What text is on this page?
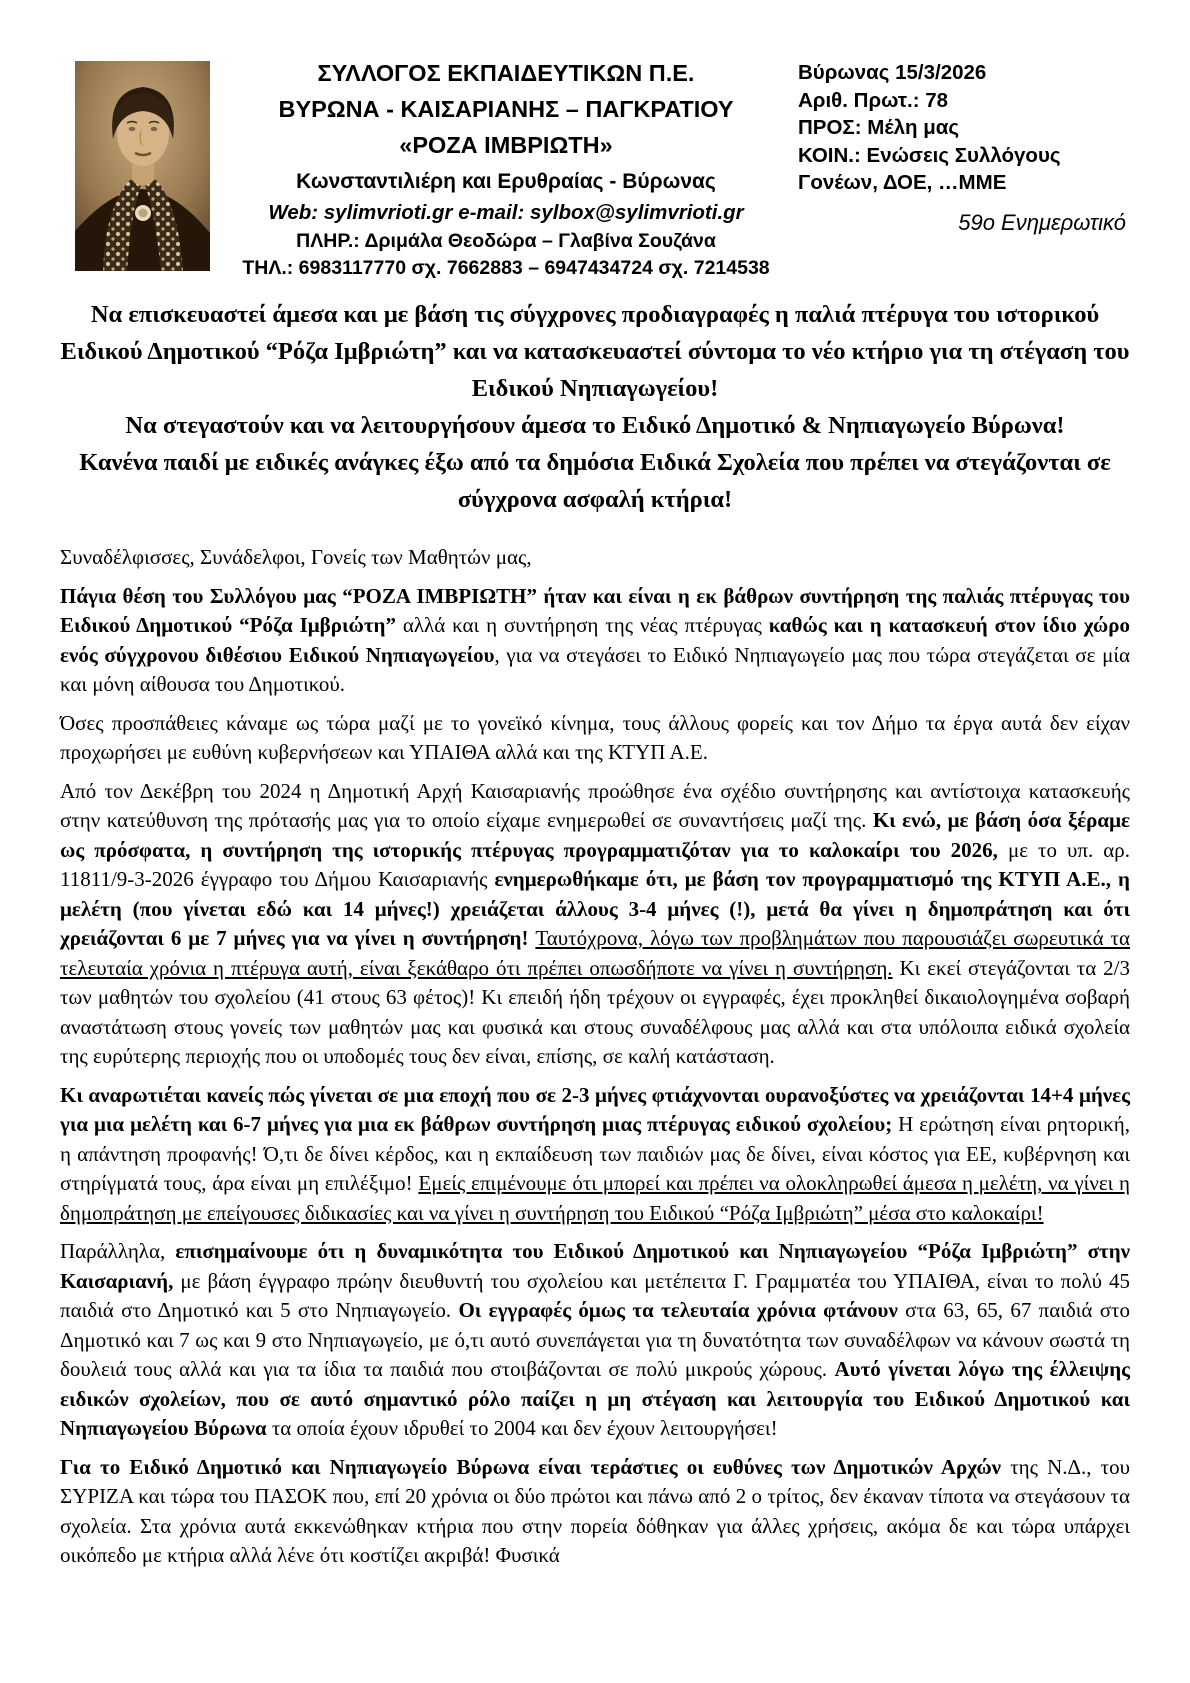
ΣΥΛΛΟΓΟΣ ΕΚΠΑΙΔΕΥΤΙΚΩΝ Π.Ε.
ΒΥΡΩΝΑ - ΚΑΙΣΑΡΙΑΝΗΣ – ΠΑΓΚΡΑΤΙΟΥ
«ΡΟΖΑ ΙΜΒΡΙΩΤΗ»
Κωνσταντιλιέρη και Ερυθραίας - Βύρωνας
Web: sylimvrioti.gr e-mail: sylbox@sylimvrioti.gr
ΠΛΗΡ.: Δριμάλα Θεοδώρα – Γλαβίνα Σουζάνα
ΤΗΛ.: 6983117770 σχ. 7662883 – 6947434724 σχ. 7214538
Βύρωνας 15/3/2026
Αριθ. Πρωτ.: 78
ΠΡΟΣ: Μέλη μας
ΚΟΙΝ.: Ενώσεις Συλλόγους
Γονέων, ΔΟΕ, …ΜΜΕ
59ο Ενημερωτικό

Να επισκευαστεί άμεσα και με βάση τις σύγχρονες προδιαγραφές η παλιά πτέρυγα του ιστορικού Ειδικού Δημοτικού “Ρόζα Ιμβριώτη” και να κατασκευαστεί σύντομα το νέο κτήριο για τη στέγαση του Ειδικού Νηπιαγωγείου!

Να στεγαστούν και να λειτουργήσουν άμεσα το Ειδικό Δημοτικό & Νηπιαγωγείο Βύρωνα!

Κανένα παιδί με ειδικές ανάγκες έξω από τα δημόσια Ειδικά Σχολεία που πρέπει να στεγάζονται σε σύγχρονα ασφαλή κτήρια!

Συναδέλφισσες, Συνάδελφοι, Γονείς των Μαθητών μας,

Πάγια θέση του Συλλόγου μας “ΡΟΖΑ ΙΜΒΡΙΩΤΗ” ήταν και είναι η εκ βάθρων συντήρηση της παλιάς πτέρυγας του Ειδικού Δημοτικού “Ρόζα Ιμβριώτη” αλλά και η συντήρηση της νέας πτέρυγας καθώς και η κατασκευή στον ίδιο χώρο ενός σύγχρονου διθέσιου Ειδικού Νηπιαγωγείου, για να στεγάσει το Ειδικό Νηπιαγωγείο μας που τώρα στεγάζεται σε μία και μόνη αίθουσα του Δημοτικού.

Όσες προσπάθειες κάναμε ως τώρα μαζί με το γονεϊκό κίνημα, τους άλλους φορείς και τον Δήμο τα έργα αυτά δεν είχαν προχωρήσει με ευθύνη κυβερνήσεων και ΥΠΑΙΘΑ αλλά και της ΚΤΥΠ Α.Ε.

Από τον Δεκέβρη του 2024 η Δημοτική Αρχή Καισαριανής προώθησε ένα σχέδιο συντήρησης και αντίστοιχα κατασκευής στην κατεύθυνση της πρότασής μας για το οποίο είχαμε ενημερωθεί σε συναντήσεις μαζί της. Κι ενώ, με βάση όσα ξέραμε ως πρόσφατα, η συντήρηση της ιστορικής πτέρυγας προγραμματιζόταν για το καλοκαίρι του 2026, με το υπ. αρ. 11811/9-3-2026 έγγραφο του Δήμου Καισαριανής ενημερωθήκαμε ότι, με βάση τον προγραμματισμό της ΚΤΥΠ Α.Ε., η μελέτη (που γίνεται εδώ και 14 μήνες!) χρειάζεται άλλους 3-4 μήνες (!), μετά θα γίνει η δημοπράτηση και ότι χρειάζονται 6 με 7 μήνες για να γίνει η συντήρηση! Ταυτόχρονα, λόγω των προβλημάτων που παρουσιάζει σωρευτικά τα τελευταία χρόνια η πτέρυγα αυτή, είναι ξεκάθαρο ότι πρέπει οπωσδήποτε να γίνει η συντήρηση. Κι εκεί στεγάζονται τα 2/3 των μαθητών του σχολείου (41 στους 63 φέτος)! Κι επειδή ήδη τρέχουν οι εγγραφές, έχει προκληθεί δικαιολογημένα σοβαρή αναστάτωση στους γονείς των μαθητών μας και φυσικά και στους συναδέλφους μας αλλά και στα υπόλοιπα ειδικά σχολεία της ευρύτερης περιοχής που οι υποδομές τους δεν είναι, επίσης, σε καλή κατάσταση.

Κι αναρωτιέται κανείς πώς γίνεται σε μια εποχή που σε 2-3 μήνες φτιάχνονται ουρανοξύστες να χρειάζονται 14+4 μήνες για μια μελέτη και 6-7 μήνες για μια εκ βάθρων συντήρηση μιας πτέρυγας ειδικού σχολείου; Η ερώτηση είναι ρητορική, η απάντηση προφανής! Ό,τι δε δίνει κέρδος, και η εκπαίδευση των παιδιών μας δε δίνει, είναι κόστος για ΕΕ, κυβέρνηση και στηρίγματά τους, άρα είναι μη επιλέξιμο! Εμείς επιμένουμε ότι μπορεί και πρέπει να ολοκληρωθεί άμεσα η μελέτη, να γίνει η δημοπράτηση με επείγουσες διδικασίες και να γίνει η συντήρηση του Ειδικού “Ρόζα Ιμβριώτη” μέσα στο καλοκαίρι!

Παράλληλα, επισημαίνουμε ότι η δυναμικότητα του Ειδικού Δημοτικού και Νηπιαγωγείου “Ρόζα Ιμβριώτη” στην Καισαριανή, με βάση έγγραφο πρώην διευθυντή του σχολείου και μετέπειτα Γ. Γραμματέα του ΥΠΑΙΘΑ, είναι το πολύ 45 παιδιά στο Δημοτικό και 5 στο Νηπιαγωγείο. Οι εγγραφές όμως τα τελευταία χρόνια φτάνουν στα 63, 65, 67 παιδιά στο Δημοτικό και 7 ως και 9 στο Νηπιαγωγείο, με ό,τι αυτό συνεπάγεται για τη δυνατότητα των συναδέλφων να κάνουν σωστά τη δουλειά τους αλλά και για τα ίδια τα παιδιά που στοιβάζονται σε πολύ μικρούς χώρους. Αυτό γίνεται λόγω της έλλειψης ειδικών σχολείων, που σε αυτό σημαντικό ρόλο παίζει η μη στέγαση και λειτουργία του Ειδικού Δημοτικού και Νηπιαγωγείου Βύρωνα τα οποία έχουν ιδρυθεί το 2004 και δεν έχουν λειτουργήσει!

Για το Ειδικό Δημοτικό και Νηπιαγωγείο Βύρωνα είναι τεράστιες οι ευθύνες των Δημοτικών Αρχών της Ν.Δ., του ΣΥΡΙΖΑ και τώρα του ΠΑΣΟΚ που, επί 20 χρόνια οι δύο πρώτοι και πάνω από 2 ο τρίτος, δεν έκαναν τίποτα να στεγάσουν τα σχολεία. Στα χρόνια αυτά εκκενώθηκαν κτήρια που στην πορεία δόθηκαν για άλλες χρήσεις, ακόμα δε και τώρα υπάρχει οικόπεδο με κτήρια αλλά λένε ότι κοστίζει ακριβά! Φυσικά
